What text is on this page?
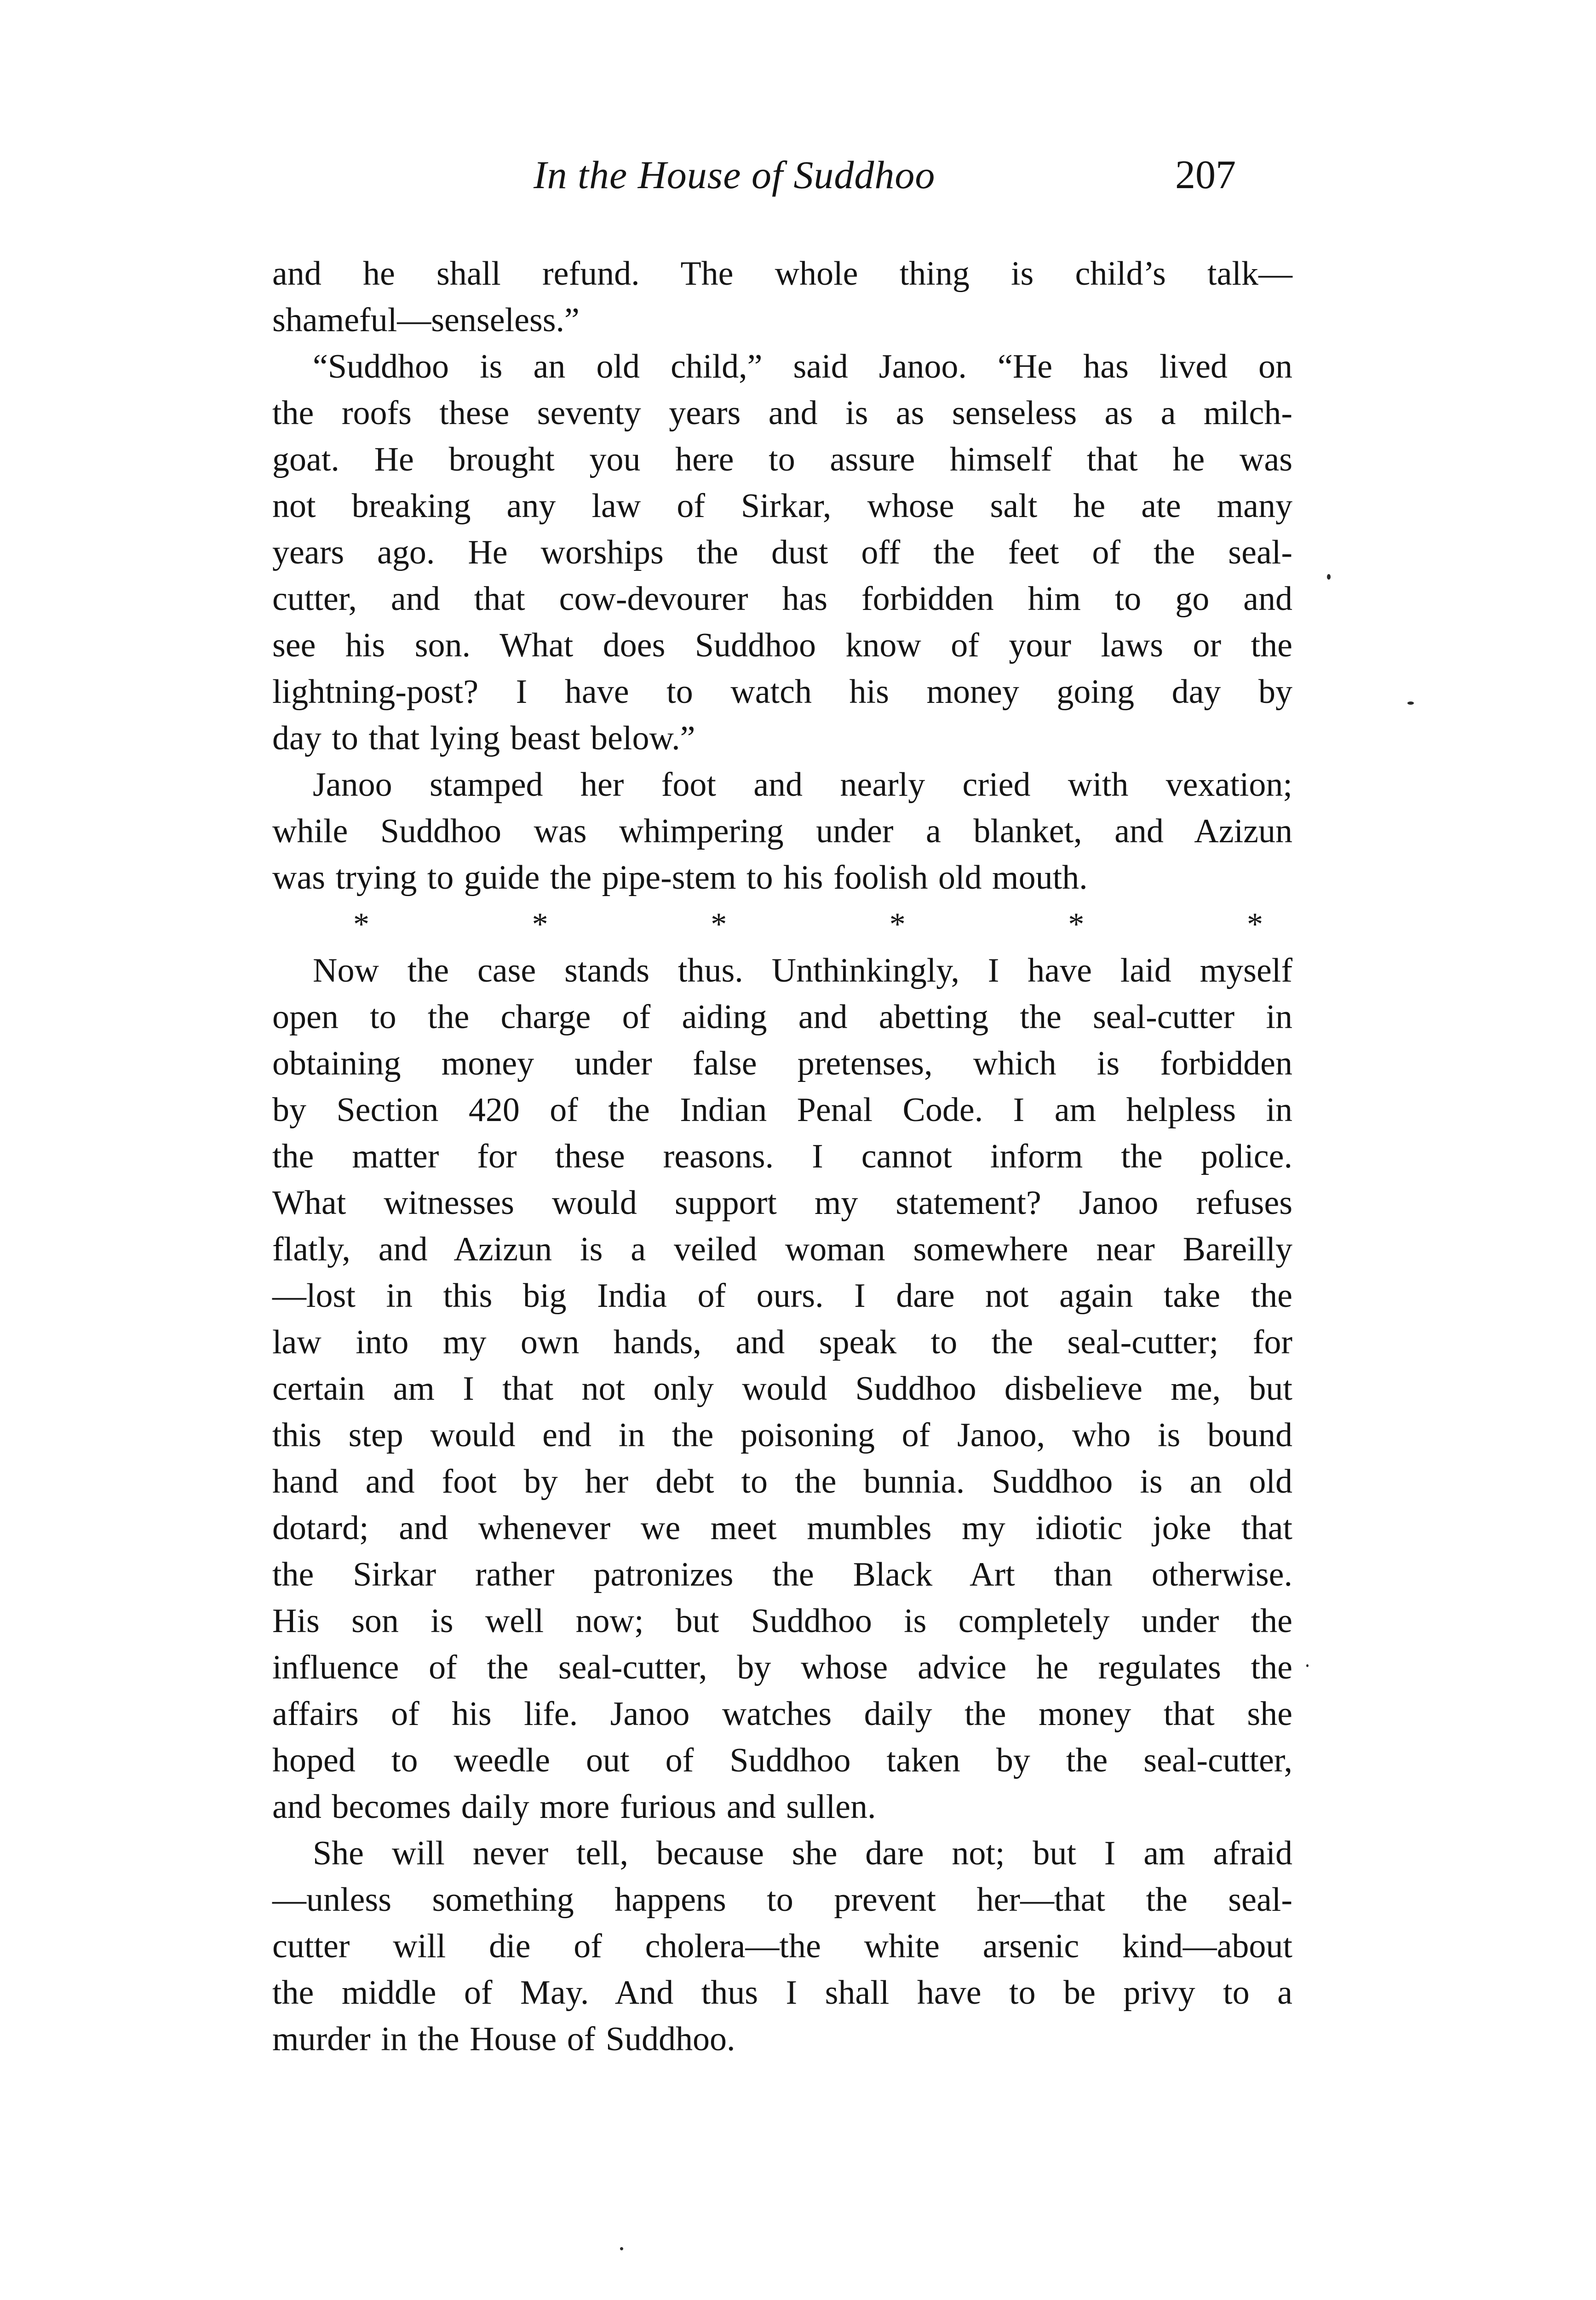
In the House of Suddhoo	207
and he shall refund. The whole thing is child’s talk—
shameful—senseless.”
“Suddhoo is an old child,” said Janoo. “He has lived on
the roofs these seventy years and is as senseless as a milch-
goat. He brought you here to assure himself that he was
not breaking any law of Sirkar, whose salt he ate many
years ago. He worships the dust off the feet of the seal-
cutter, and that cow-devourer has forbidden him to go and
see his son. What does Suddhoo know of your laws or the
lightning-post? I have to watch his money going day by
day to that lying beast below.”
Janoo stamped her foot and nearly cried with vexation;
while Suddhoo was whimpering under a blanket, and Azizun
was trying to guide the pipe-stem to his foolish old mouth.
*	*	*	*	*	*
Now the case stands thus. Unthinkingly, I have laid myself
open to the charge of aiding and abetting the seal-cutter in
obtaining money under false pretenses, which is forbidden
by Section 420 of the Indian Penal Code. I am helpless in
the matter for these reasons. I cannot inform the police.
What witnesses would support my statement? Janoo refuses
flatly, and Azizun is a veiled woman somewhere near Bareilly
—lost in this big India of ours. I dare not again take the
law into my own hands, and speak to the seal-cutter; for
certain am I that not only would Suddhoo disbelieve me, but
this step would end in the poisoning of Janoo, who is bound
hand and foot by her debt to the bunnia. Suddhoo is an old
dotard; and whenever we meet mumbles my idiotic joke that
the Sirkar rather patronizes the Black Art than otherwise.
His son is well now; but Suddhoo is completely under the
influence of the seal-cutter, by whose advice he regulates the
affairs of his life. Janoo watches daily the money that she
hoped to weedle out of Suddhoo taken by the seal-cutter,
and becomes daily more furious and sullen.
She will never tell, because she dare not; but I am afraid
—unless something happens to prevent her—that the seal-
cutter will die of cholera—the white arsenic kind—about
the middle of May. And thus I shall have to be privy to a
murder in the House of Suddhoo.
